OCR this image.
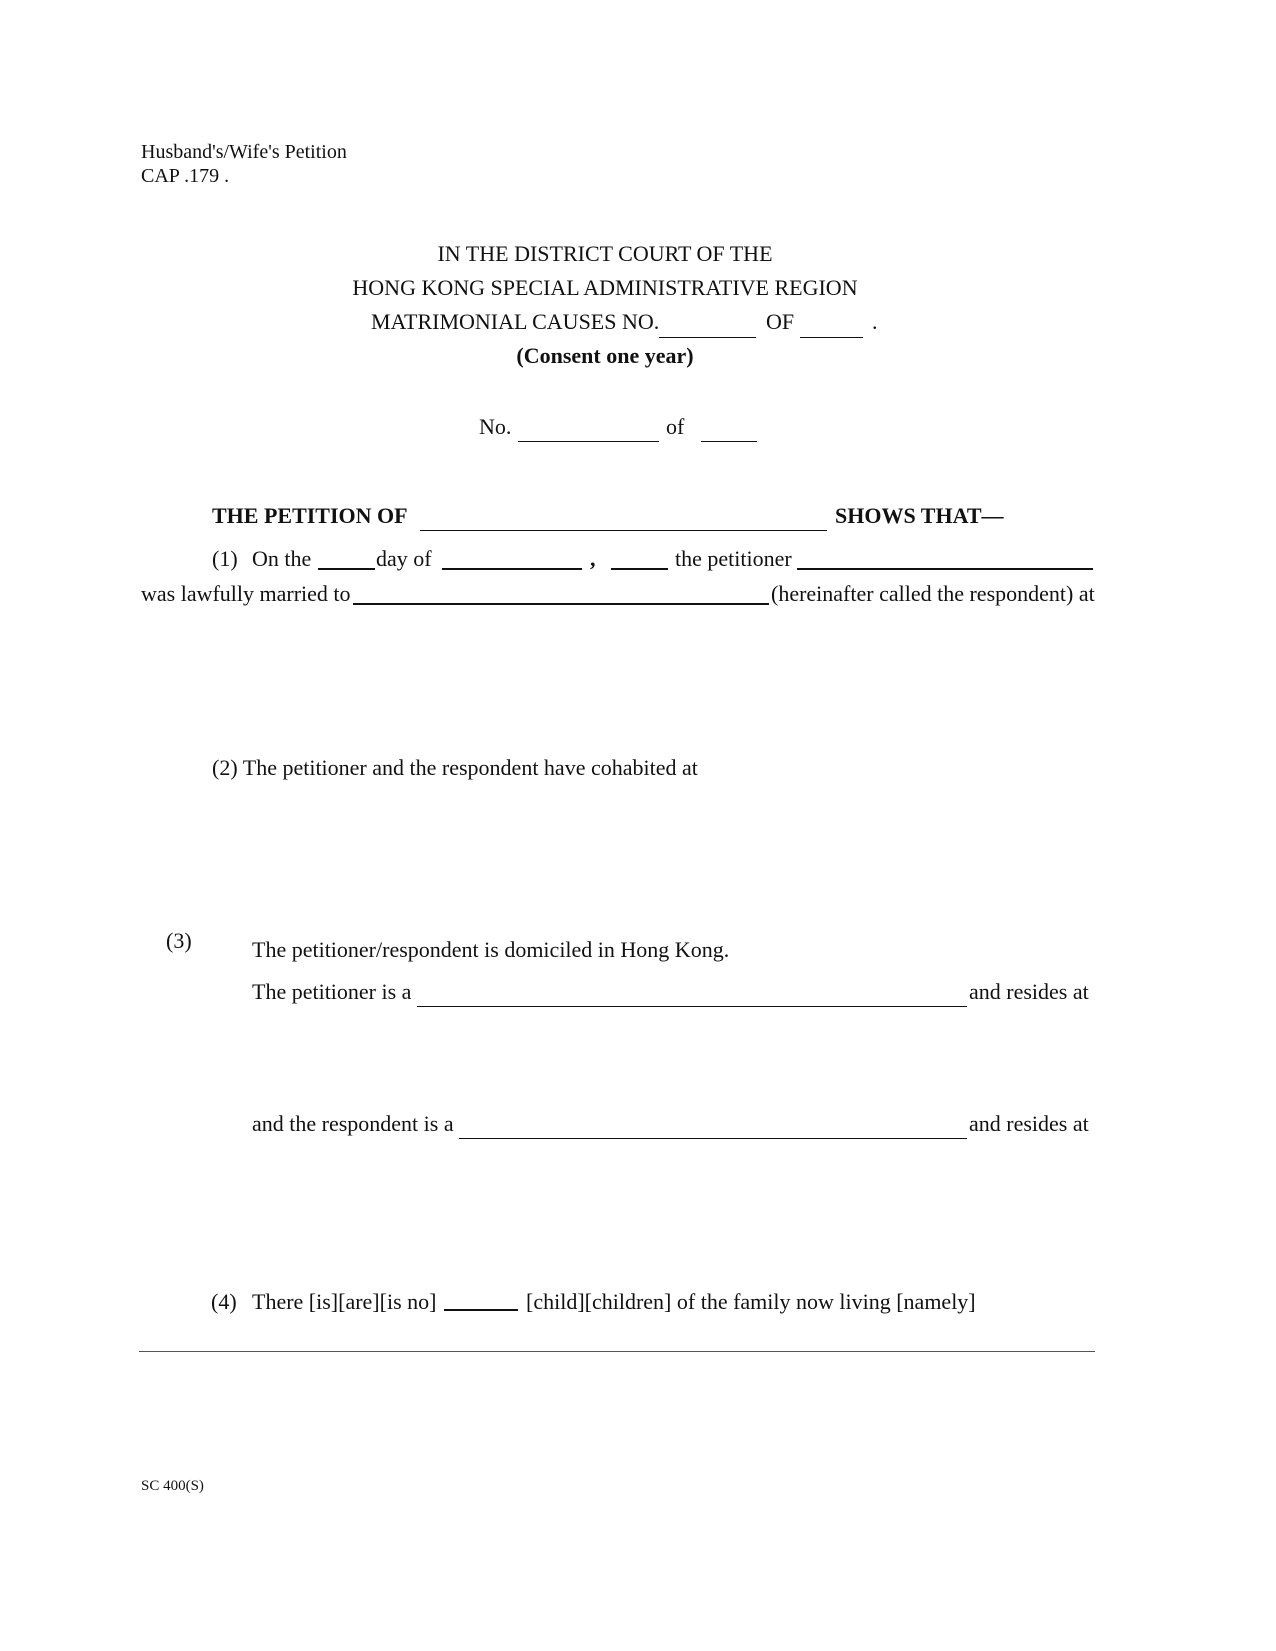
Husband's/Wife's Petition
CAP .179 .
IN THE DISTRICT COURT OF THE
HONG KONG SPECIAL ADMINISTRATIVE REGION
MATRIMONIAL CAUSES NO.	OF	.
(Consent one year)
No.	of
THE PETITION OF	SHOWS THAT—
(1) On the	day of	,	the petitioner
was lawfully married to	(hereinafter called the respondent) at
(2) The petitioner and the respondent have cohabited at
(3)	The petitioner/respondent is domiciled in Hong Kong.
The petitioner is a	and resides at
and the respondent is a	and resides at
(4) There [is][are][is no]	[child][children] of the family now living [namely]
SC 400(S)
